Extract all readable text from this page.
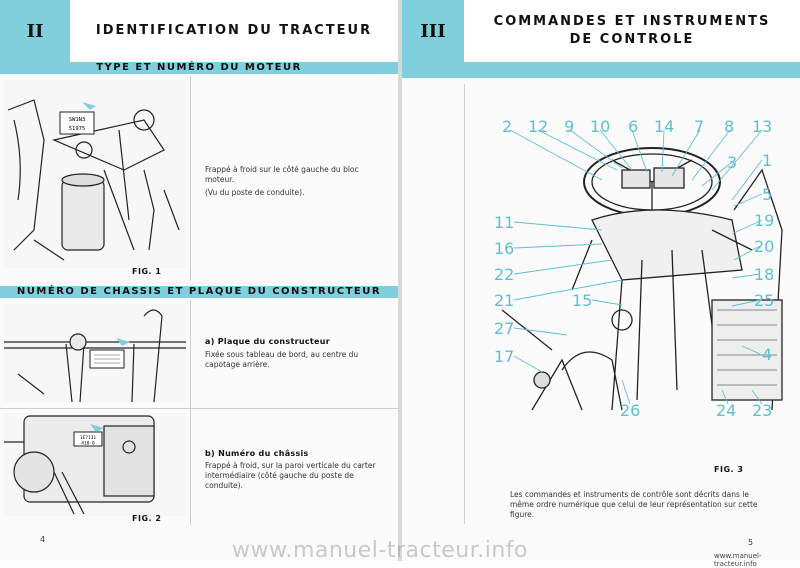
II	IDENTIFICATION DU TRACTEUR
TYPE ET NUMÉRO DU MOTEUR
SW1N3
51975
FIG. 1
Frappé à froid sur le côté gauche du bloc moteur.
(Vu du poste de conduite).
NUMÉRO DE CHASSIS ET PLAQUE DU CONSTRUCTEUR
a) Plaque du constructeur
Fixée sous tableau de bord, au centre du capotage arrière.
1E7131
410·0
FIG. 2
b) Numéro du châssis
Frappé à froid, sur la paroi verticale du carter intermédiaire (côté gauche du poste de conduite).
4
III	COMMANDES ET INSTRUMENTS
DE CONTROLE
2 12 9 10 6 14 7 8 13
3 1
5
19
11
16	20
22	18
21	15	25
27
4
17
26	24 23
FIG. 3
Les commandes et instruments de contrôle sont décrits dans le même ordre numérique que celui de leur représentation sur cette figure.
5
www.manuel-tracteur.info
www.manuel-tracteur.info
